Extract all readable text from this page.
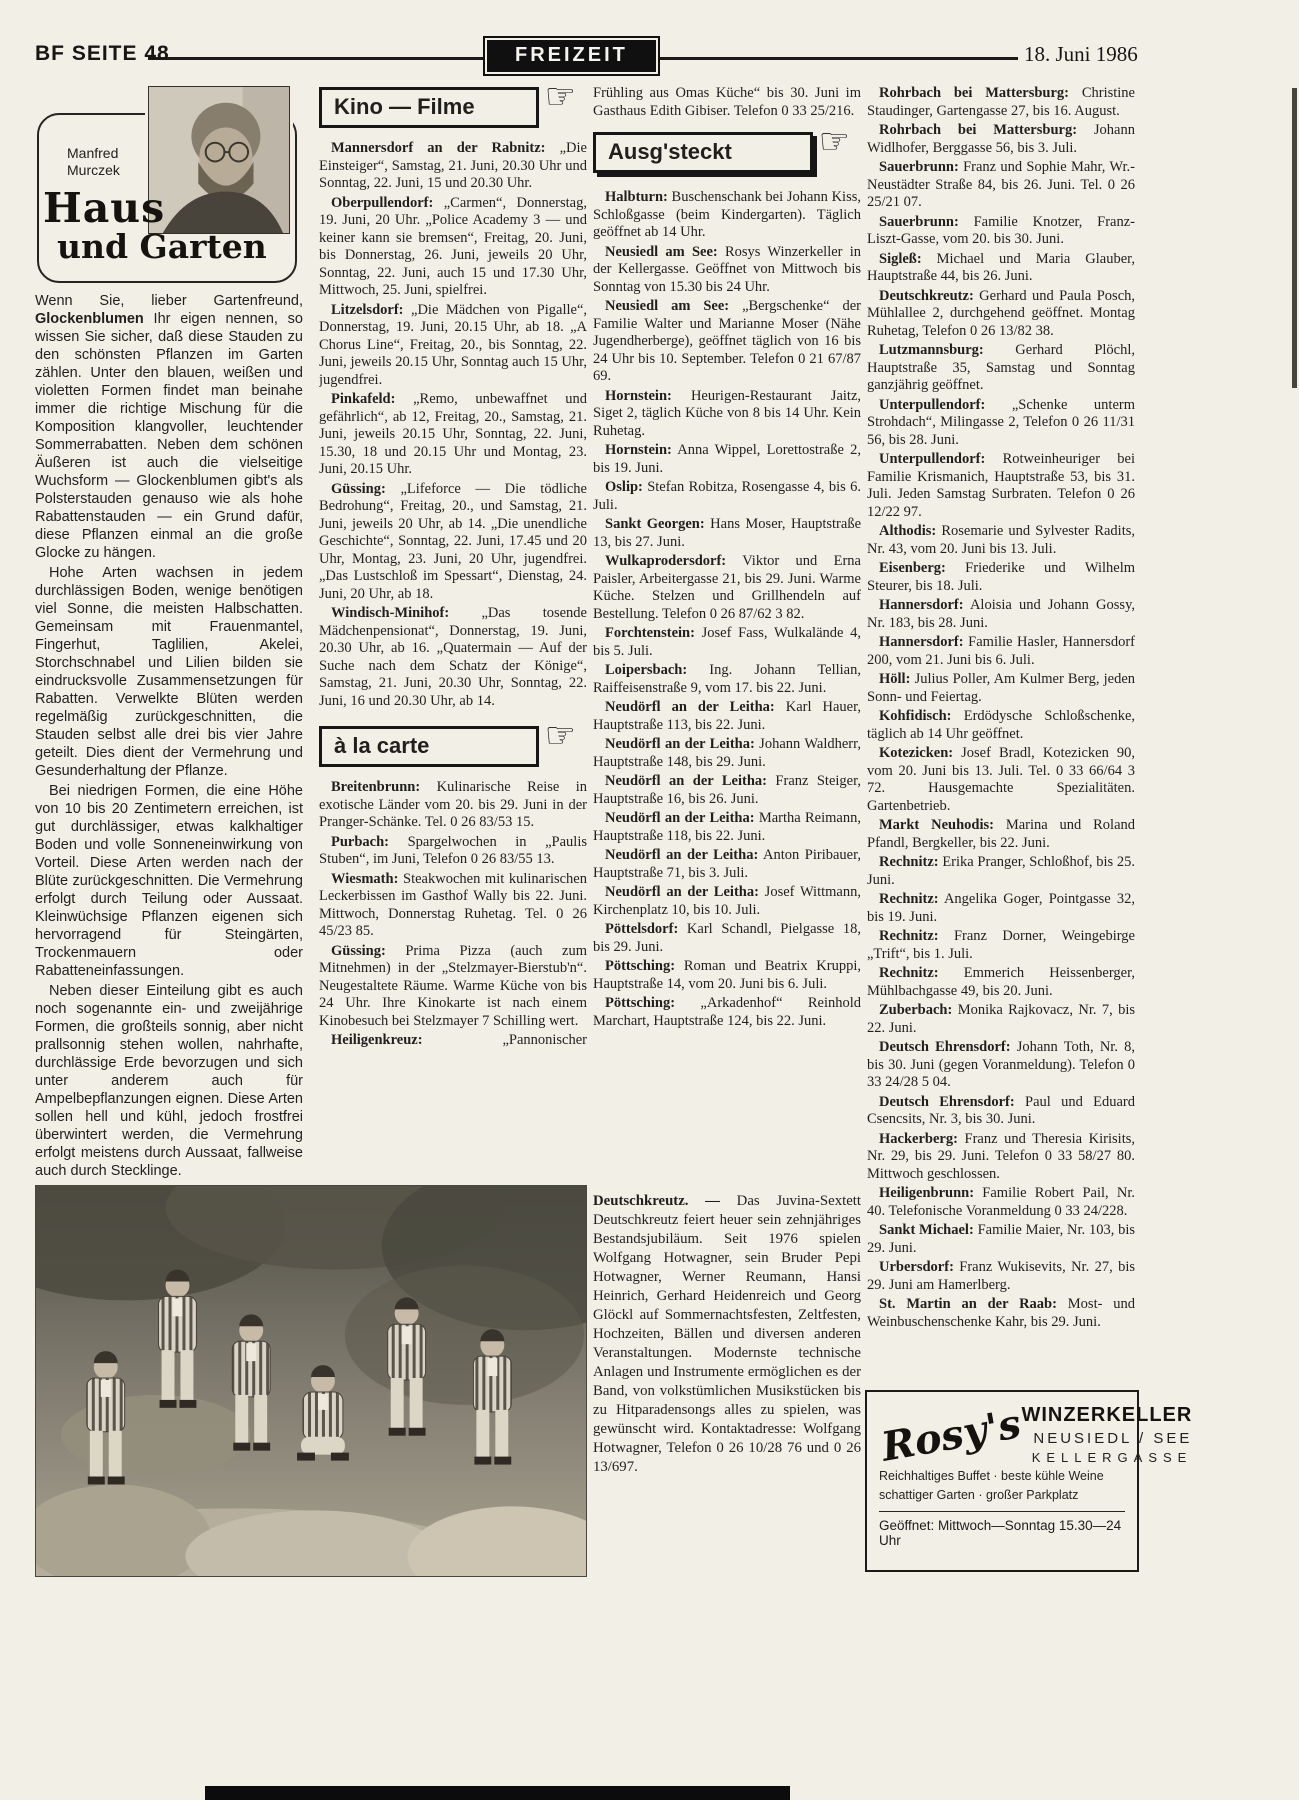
BF SEITE 48	FREIZEIT	18. Juni 1986
Manfred
Murczek
Haus
und Garten

Wenn Sie, lieber Gartenfreund, Glockenblumen Ihr eigen nennen, so wissen Sie sicher, daß diese Stauden zu den schönsten Pflanzen im Garten zählen. Unter den blauen, weißen und violetten Formen findet man beinahe immer die richtige Mischung für die Komposition klangvoller, leuchtender Sommerrabatten. Neben dem schönen Äußeren ist auch die vielseitige Wuchsform — Glockenblumen gibt's als Polsterstauden genauso wie als hohe Rabattenstauden — ein Grund dafür, diese Pflanzen einmal an die große Glocke zu hängen.

Hohe Arten wachsen in jedem durchlässigen Boden, wenige benötigen viel Sonne, die meisten Halbschatten. Gemeinsam mit Frauenmantel, Fingerhut, Taglilien, Akelei, Storchschnabel und Lilien bilden sie eindrucksvolle Zusammensetzungen für Rabatten. Verwelkte Blüten werden regelmäßig zurückgeschnitten, die Stauden selbst alle drei bis vier Jahre geteilt. Dies dient der Vermehrung und Gesunderhaltung der Pflanze.

Bei niedrigen Formen, die eine Höhe von 10 bis 20 Zentimetern erreichen, ist gut durchlässiger, etwas kalkhaltiger Boden und volle Sonneneinwirkung von Vorteil. Diese Arten werden nach der Blüte zurückgeschnitten. Die Vermehrung erfolgt durch Teilung oder Aussaat. Kleinwüchsige Pflanzen eigenen sich hervorragend für Steingärten, Trockenmauern oder Rabatteneinfassungen.

Neben dieser Einteilung gibt es auch noch sogenannte ein- und zweijährige Formen, die großteils sonnig, aber nicht prallsonnig stehen wollen, nahrhafte, durchlässige Erde bevorzugen und sich unter anderem auch für Ampelbepflanzungen eignen. Diese Arten sollen hell und kühl, jedoch frostfrei überwintert werden, die Vermehrung erfolgt meistens durch Aussaat, fallweise auch durch Stecklinge.

Kino — Filme ☞

Mannersdorf an der Rabnitz: „Die Einsteiger“, Samstag, 21. Juni, 20.30 Uhr und Sonntag, 22. Juni, 15 und 20.30 Uhr.

Oberpullendorf: „Carmen“, Donnerstag, 19. Juni, 20 Uhr. „Police Academy 3 — und keiner kann sie bremsen“, Freitag, 20. Juni, bis Donnerstag, 26. Juni, jeweils 20 Uhr, Sonntag, 22. Juni, auch 15 und 17.30 Uhr, Mittwoch, 25. Juni, spielfrei.

Litzelsdorf: „Die Mädchen von Pigalle“, Donnerstag, 19. Juni, 20.15 Uhr, ab 18. „A Chorus Line“, Freitag, 20., bis Sonntag, 22. Juni, jeweils 20.15 Uhr, Sonntag auch 15 Uhr, jugendfrei.

Pinkafeld: „Remo, unbewaffnet und gefährlich“, ab 12, Freitag, 20., Samstag, 21. Juni, jeweils 20.15 Uhr, Sonntag, 22. Juni, 15.30, 18 und 20.15 Uhr und Montag, 23. Juni, 20.15 Uhr.

Güssing: „Lifeforce — Die tödliche Bedrohung“, Freitag, 20., und Samstag, 21. Juni, jeweils 20 Uhr, ab 14. „Die unendliche Geschichte“, Sonntag, 22. Juni, 17.45 und 20 Uhr, Montag, 23. Juni, 20 Uhr, jugendfrei. „Das Lustschloß im Spessart“, Dienstag, 24. Juni, 20 Uhr, ab 18.

Windisch-Minihof: „Das tosende Mädchenpensionat“, Donnerstag, 19. Juni, 20.30 Uhr, ab 16. „Quatermain — Auf der Suche nach dem Schatz der Könige“, Samstag, 21. Juni, 20.30 Uhr, Sonntag, 22. Juni, 16 und 20.30 Uhr, ab 14.

à la carte	☞

Breitenbrunn: Kulinarische Reise in exotische Länder vom 20. bis 29. Juni in der Pranger-Schänke. Tel. 0 26 83/53 15.

Purbach: Spargelwochen in „Paulis Stuben“, im Juni, Telefon 0 26 83/55 13.

Wiesmath: Steakwochen mit kulinarischen Leckerbissen im Gasthof Wally bis 22. Juni. Mittwoch, Donnerstag Ruhetag. Tel. 0 26 45/23 85.

Güssing: Prima Pizza (auch zum Mitnehmen) in der „Stelzmayer-Bierstub'n“. Neugestaltete Räume. Warme Küche von bis 24 Uhr. Ihre Kinokarte ist nach einem Kinobesuch bei Stelzmayer 7 Schilling wert.

Heiligenkreuz:	„Pannonischer

Frühling aus Omas Küche“ bis 30. Juni im Gasthaus Edith Gibiser. Telefon 0 33 25/216.

Ausg'steckt ☞

Halbturn: Buschenschank bei Johann Kiss, Schloßgasse (beim Kindergarten). Täglich geöffnet ab 14 Uhr.

Neusiedl am See: Rosys Winzerkeller in der Kellergasse. Geöffnet von Mittwoch bis Sonntag von 15.30 bis 24 Uhr.

Neusiedl am See: „Bergschenke“ der Familie Walter und Marianne Moser (Nähe Jugendherberge), geöffnet täglich von 16 bis 24 Uhr bis 10. September. Telefon 0 21 67/87 69.

Hornstein: Heurigen-Restaurant Jaitz, Siget 2, täglich Küche von 8 bis 14 Uhr. Kein Ruhetag.

Hornstein: Anna Wippel, Lorettostraße 2, bis 19. Juni.

Oslip: Stefan Robitza, Rosengasse 4, bis 6. Juli.

Sankt Georgen: Hans Moser, Hauptstraße 13, bis 27. Juni.

Wulkaprodersdorf: Viktor und Erna Paisler, Arbeitergasse 21, bis 29. Juni. Warme Küche. Stelzen und Grillhendeln auf Bestellung. Telefon 0 26 87/62 3 82.

Forchtenstein: Josef Fass, Wulkalände 4, bis 5. Juli.

Loipersbach: Ing. Johann Tellian, Raiffeisenstraße 9, vom 17. bis 22. Juni.

Neudörfl an der Leitha: Karl Hauer, Hauptstraße 113, bis 22. Juni.

Neudörfl an der Leitha: Johann Waldherr, Hauptstraße 148, bis 29. Juni.

Neudörfl an der Leitha: Franz Steiger, Hauptstraße 16, bis 26. Juni.

Neudörfl an der Leitha: Martha Reimann, Hauptstraße 118, bis 22. Juni.

Neudörfl an der Leitha: Anton Piribauer, Hauptstraße 71, bis 3. Juli.

Neudörfl an der Leitha: Josef Wittmann, Kirchenplatz 10, bis 10. Juli.

Pöttelsdorf: Karl Schandl, Pielgasse 18, bis 29. Juni.

Pöttsching: Roman und Beatrix Kruppi, Hauptstraße 14, vom 20. Juni bis 6. Juli.

Pöttsching: „Arkadenhof“ Reinhold Marchart, Hauptstraße 124, bis 22. Juni.

Rohrbach bei Mattersburg: Christine Staudinger, Gartengasse 27, bis 16. August.

Rohrbach bei Mattersburg: Johann Widlhofer, Berggasse 56, bis 3. Juli.

Sauerbrunn: Franz und Sophie Mahr, Wr.-Neustädter Straße 84, bis 26. Juni. Tel. 0 26 25/21 07.

Sauerbrunn: Familie Knotzer, Franz-Liszt-Gasse, vom 20. bis 30. Juni.

Sigleß: Michael und Maria Glauber, Hauptstraße 44, bis 26. Juni.

Deutschkreutz: Gerhard und Paula Posch, Mühlallee 2, durchgehend geöffnet. Montag Ruhetag, Telefon 0 26 13/82 38.

Lutzmannsburg: Gerhard Plöchl, Hauptstraße 35, Samstag und Sonntag ganzjährig geöffnet.

Unterpullendorf: „Schenke unterm Strohdach“, Milingasse 2, Telefon 0 26 11/31 56, bis 28. Juni.

Unterpullendorf: Rotweinheuriger bei Familie Krismanich, Hauptstraße 53, bis 31. Juli. Jeden Samstag Surbraten. Telefon 0 26 12/22 97.

Althodis: Rosemarie und Sylvester Radits, Nr. 43, vom 20. Juni bis 13. Juli.

Eisenberg: Friederike und Wilhelm Steurer, bis 18. Juli.

Hannersdorf: Aloisia und Johann Gossy, Nr. 183, bis 28. Juni.

Hannersdorf: Familie Hasler, Hannersdorf 200, vom 21. Juni bis 6. Juli.

Höll: Julius Poller, Am Kulmer Berg, jeden Sonn- und Feiertag.

Kohfidisch: Erdödysche Schloßschenke, täglich ab 14 Uhr geöffnet.

Kotezicken: Josef Bradl, Kotezicken 90, vom 20. Juni bis 13. Juli. Tel. 0 33 66/64 3 72. Hausgemachte Spezialitäten. Gartenbetrieb.

Markt Neuhodis: Marina und Roland Pfandl, Bergkeller, bis 22. Juni.

Rechnitz: Erika Pranger, Schloßhof, bis 25. Juni.

Rechnitz: Angelika Goger, Pointgasse 32, bis 19. Juni.

Rechnitz: Franz Dorner, Weingebirge „Trift“, bis 1. Juli.

Rechnitz: Emmerich Heissenberger, Mühlbachgasse 49, bis 20. Juni.

Zuberbach: Monika Rajkovacz, Nr. 7, bis 22. Juni.

Deutsch Ehrensdorf: Johann Toth, Nr. 8, bis 30. Juni (gegen Voranmeldung). Telefon 0 33 24/28 5 04.

Deutsch Ehrensdorf: Paul und Eduard Csencsits, Nr. 3, bis 30. Juni.

Hackerberg: Franz und Theresia Kirisits, Nr. 29, bis 29. Juni. Telefon 0 33 58/27 80. Mittwoch geschlossen.

Heiligenbrunn: Familie Robert Pail, Nr. 40. Telefonische Voranmeldung 0 33 24/228.

Sankt Michael: Familie Maier, Nr. 103, bis 29. Juni.

Urbersdorf: Franz Wukisevits, Nr. 27, bis 29. Juni am Hamerlberg.

St. Martin an der Raab: Most- und Weinbuschenschenke Kahr, bis 29. Juni.

Deutschkreutz. — Das Juvina-Sextett Deutschkreutz feiert heuer sein zehnjähriges Bestandsjubiläum. Seit 1976 spielen Wolfgang Hotwagner, sein Bruder Pepi Hotwagner, Werner Reumann, Hansi Heinrich, Gerhard Heidenreich und Georg Glöckl auf Sommernachtsfesten, Zeltfesten, Hochzeiten, Bällen und diversen anderen Veranstaltungen. Modernste technische Anlagen und Instrumente ermöglichen es der Band, von volkstümlichen Musikstücken bis zu Hitparadensongs alles zu spielen, was gewünscht wird. Kontaktadresse: Wolfgang Hotwagner, Telefon 0 26 10/28 76 und 0 26 13/697.	Rosy's
WINZERKELLER
NEUSIEDL / SEE
KELLERGASSE

Reichhaltiges Buffet · beste kühle Weine

schattiger Garten · großer Parkplatz

Geöffnet: Mittwoch—Sonntag 15.30—24 Uhr
